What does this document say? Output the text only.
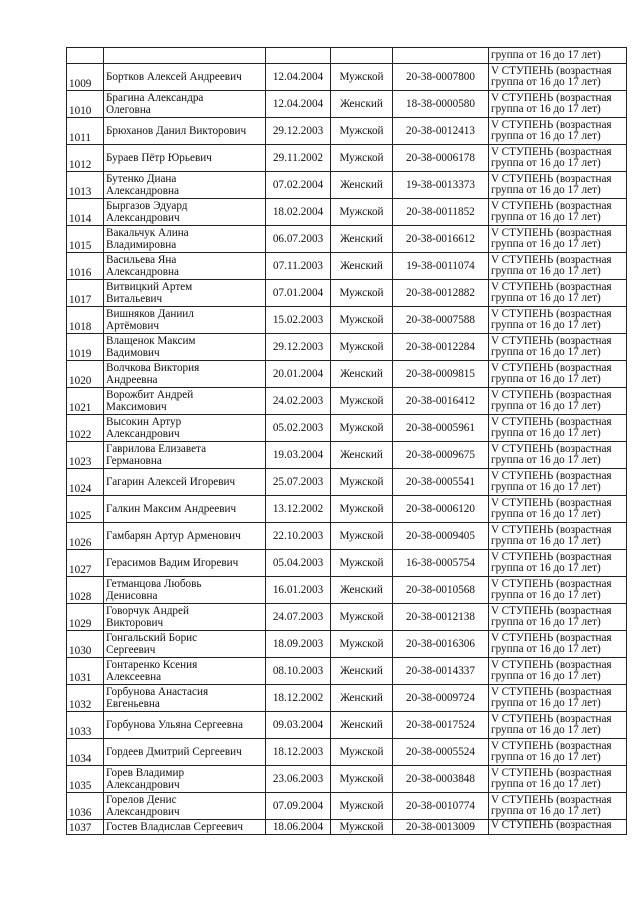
					группа от 16 до 17 лет)
1009	Бортков Алексей Андреевич	12.04.2004	Мужской	20-38-0007800	V СТУПЕНЬ (возрастная
группа от 16 до 17 лет)
1010	Брагина Александра
Олеговна	12.04.2004	Женский	18-38-0000580	V СТУПЕНЬ (возрастная
группа от 16 до 17 лет)
1011	Брюханов Данил Викторович	29.12.2003	Мужской	20-38-0012413	V СТУПЕНЬ (возрастная
группа от 16 до 17 лет)
1012	Бураев Пётр Юрьевич	29.11.2002	Мужской	20-38-0006178	V СТУПЕНЬ (возрастная
группа от 16 до 17 лет)
1013	Бутенко Диана
Александровна	07.02.2004	Женский	19-38-0013373	V СТУПЕНЬ (возрастная
группа от 16 до 17 лет)
1014	Быргазов Эдуард
Александрович	18.02.2004	Мужской	20-38-0011852	V СТУПЕНЬ (возрастная
группа от 16 до 17 лет)
1015	Вакальчук Алина
Владимировна	06.07.2003	Женский	20-38-0016612	V СТУПЕНЬ (возрастная
группа от 16 до 17 лет)
1016	Васильева Яна
Александровна	07.11.2003	Женский	19-38-0011074	V СТУПЕНЬ (возрастная
группа от 16 до 17 лет)
1017	Витвицкий Артем
Витальевич	07.01.2004	Мужской	20-38-0012882	V СТУПЕНЬ (возрастная
группа от 16 до 17 лет)
1018	Вишняков Даниил
Артёмович	15.02.2003	Мужской	20-38-0007588	V СТУПЕНЬ (возрастная
группа от 16 до 17 лет)
1019	Влащенок Максим
Вадимович	29.12.2003	Мужской	20-38-0012284	V СТУПЕНЬ (возрастная
группа от 16 до 17 лет)
1020	Волчкова Виктория
Андреевна	20.01.2004	Женский	20-38-0009815	V СТУПЕНЬ (возрастная
группа от 16 до 17 лет)
1021	Ворожбит Андрей
Максимович	24.02.2003	Мужской	20-38-0016412	V СТУПЕНЬ (возрастная
группа от 16 до 17 лет)
1022	Высокин Артур
Александрович	05.02.2003	Мужской	20-38-0005961	V СТУПЕНЬ (возрастная
группа от 16 до 17 лет)
1023	Гаврилова Елизавета
Германовна	19.03.2004	Женский	20-38-0009675	V СТУПЕНЬ (возрастная
группа от 16 до 17 лет)
1024	Гагарин Алексей Игоревич	25.07.2003	Мужской	20-38-0005541	V СТУПЕНЬ (возрастная
группа от 16 до 17 лет)
1025	Галкин Максим Андреевич	13.12.2002	Мужской	20-38-0006120	V СТУПЕНЬ (возрастная
группа от 16 до 17 лет)
1026	Гамбарян Артур Арменович	22.10.2003	Мужской	20-38-0009405	V СТУПЕНЬ (возрастная
группа от 16 до 17 лет)
1027	Герасимов Вадим Игоревич	05.04.2003	Мужской	16-38-0005754	V СТУПЕНЬ (возрастная
группа от 16 до 17 лет)
1028	Гетманцова Любовь
Денисовна	16.01.2003	Женский	20-38-0010568	V СТУПЕНЬ (возрастная
группа от 16 до 17 лет)
1029	Говорчук Андрей
Викторович	24.07.2003	Мужской	20-38-0012138	V СТУПЕНЬ (возрастная
группа от 16 до 17 лет)
1030	Гонгальский Борис
Сергеевич	18.09.2003	Мужской	20-38-0016306	V СТУПЕНЬ (возрастная
группа от 16 до 17 лет)
1031	Гонтаренко Ксения
Алексеевна	08.10.2003	Женский	20-38-0014337	V СТУПЕНЬ (возрастная
группа от 16 до 17 лет)
1032	Горбунова Анастасия
Евгеньевна	18.12.2002	Женский	20-38-0009724	V СТУПЕНЬ (возрастная
группа от 16 до 17 лет)
1033	Горбунова Ульяна Сергеевна	09.03.2004	Женский	20-38-0017524	V СТУПЕНЬ (возрастная
группа от 16 до 17 лет)
1034	Гордеев Дмитрий Сергеевич	18.12.2003	Мужской	20-38-0005524	V СТУПЕНЬ (возрастная
группа от 16 до 17 лет)
1035	Горев Владимир
Александрович	23.06.2003	Мужской	20-38-0003848	V СТУПЕНЬ (возрастная
группа от 16 до 17 лет)
1036	Горелов Денис
Александрович	07.09.2004	Мужской	20-38-0010774	V СТУПЕНЬ (возрастная
группа от 16 до 17 лет)
1037	Гостев Владислав Сергеевич	18.06.2004	Мужской	20-38-0013009	V СТУПЕНЬ (возрастная
